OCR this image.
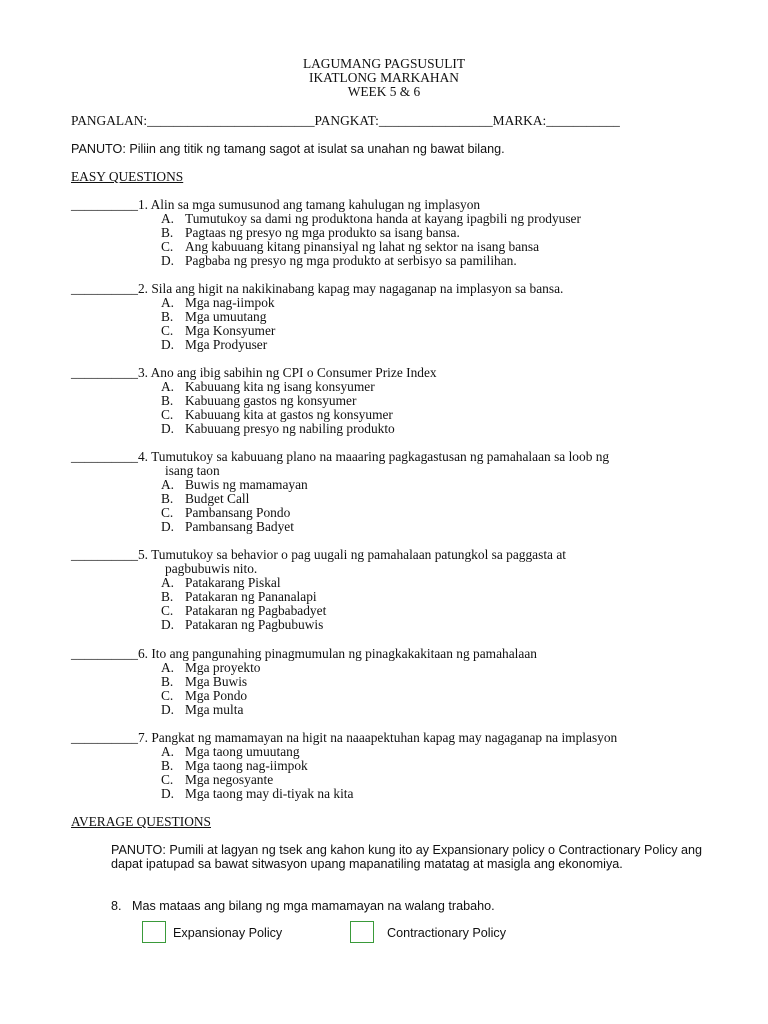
LAGUMANG PAGSUSULIT
IKATLONG MARKAHAN
WEEK 5 & 6
PANGALAN:_________________________PANGKAT:_________________MARKA:___________
PANUTO: Piliin ang titik ng tamang sagot at isulat sa unahan ng bawat bilang.
EASY QUESTIONS
__________1. Alin sa mga sumusunod ang tamang kahulugan ng implasyon
A. Tumutukoy sa dami ng produktona handa at kayang ipagbili ng prodyuser
B. Pagtaas ng presyo ng mga produkto sa isang bansa.
C. Ang kabuuang kitang pinansiyal ng lahat ng sektor na isang bansa
D. Pagbaba ng presyo ng mga produkto at serbisyo sa pamilihan.
__________2. Sila ang higit na nakikinabang kapag may nagaganap na implasyon sa bansa.
A. Mga nag-iimpok
B. Mga umuutang
C. Mga Konsyumer
D. Mga Prodyuser
__________3. Ano ang ibig sabihin ng CPI o Consumer Prize Index
A. Kabuuang kita ng isang konsyumer
B. Kabuuang gastos ng konsyumer
C. Kabuuang kita at gastos ng konsyumer
D. Kabuuang presyo ng nabiling produkto
__________4. Tumutukoy sa kabuuang plano na maaaring pagkagastusan ng pamahalaan sa loob ng
isang taon
A. Buwis ng mamamayan
B. Budget Call
C. Pambansang Pondo
D. Pambansang Badyet
__________5. Tumutukoy sa behavior o pag uugali ng pamahalaan patungkol sa paggasta at
pagbubuwis nito.
A. Patakarang Piskal
B. Patakaran ng Pananalapi
C. Patakaran ng Pagbabadyet
D. Patakaran ng Pagbubuwis
__________6. Ito ang pangunahing pinagmumulan ng pinagkakakitaan ng pamahalaan
A. Mga proyekto
B. Mga Buwis
C. Mga Pondo
D. Mga multa
__________7. Pangkat ng mamamayan na higit na naaapektuhan kapag may nagaganap na implasyon
A. Mga taong umuutang
B. Mga taong nag-iimpok
C. Mga negosyante
D. Mga taong may di-tiyak na kita
AVERAGE QUESTIONS
PANUTO: Pumili at lagyan ng tsek ang kahon kung ito ay Expansionary policy o Contractionary Policy ang dapat ipatupad sa bawat sitwasyon upang mapanatiling matatag at masigla ang ekonomiya.
8. Mas mataas ang bilang ng mga mamamayan na walang trabaho.
Expansionay Policy	Contractionary Policy
